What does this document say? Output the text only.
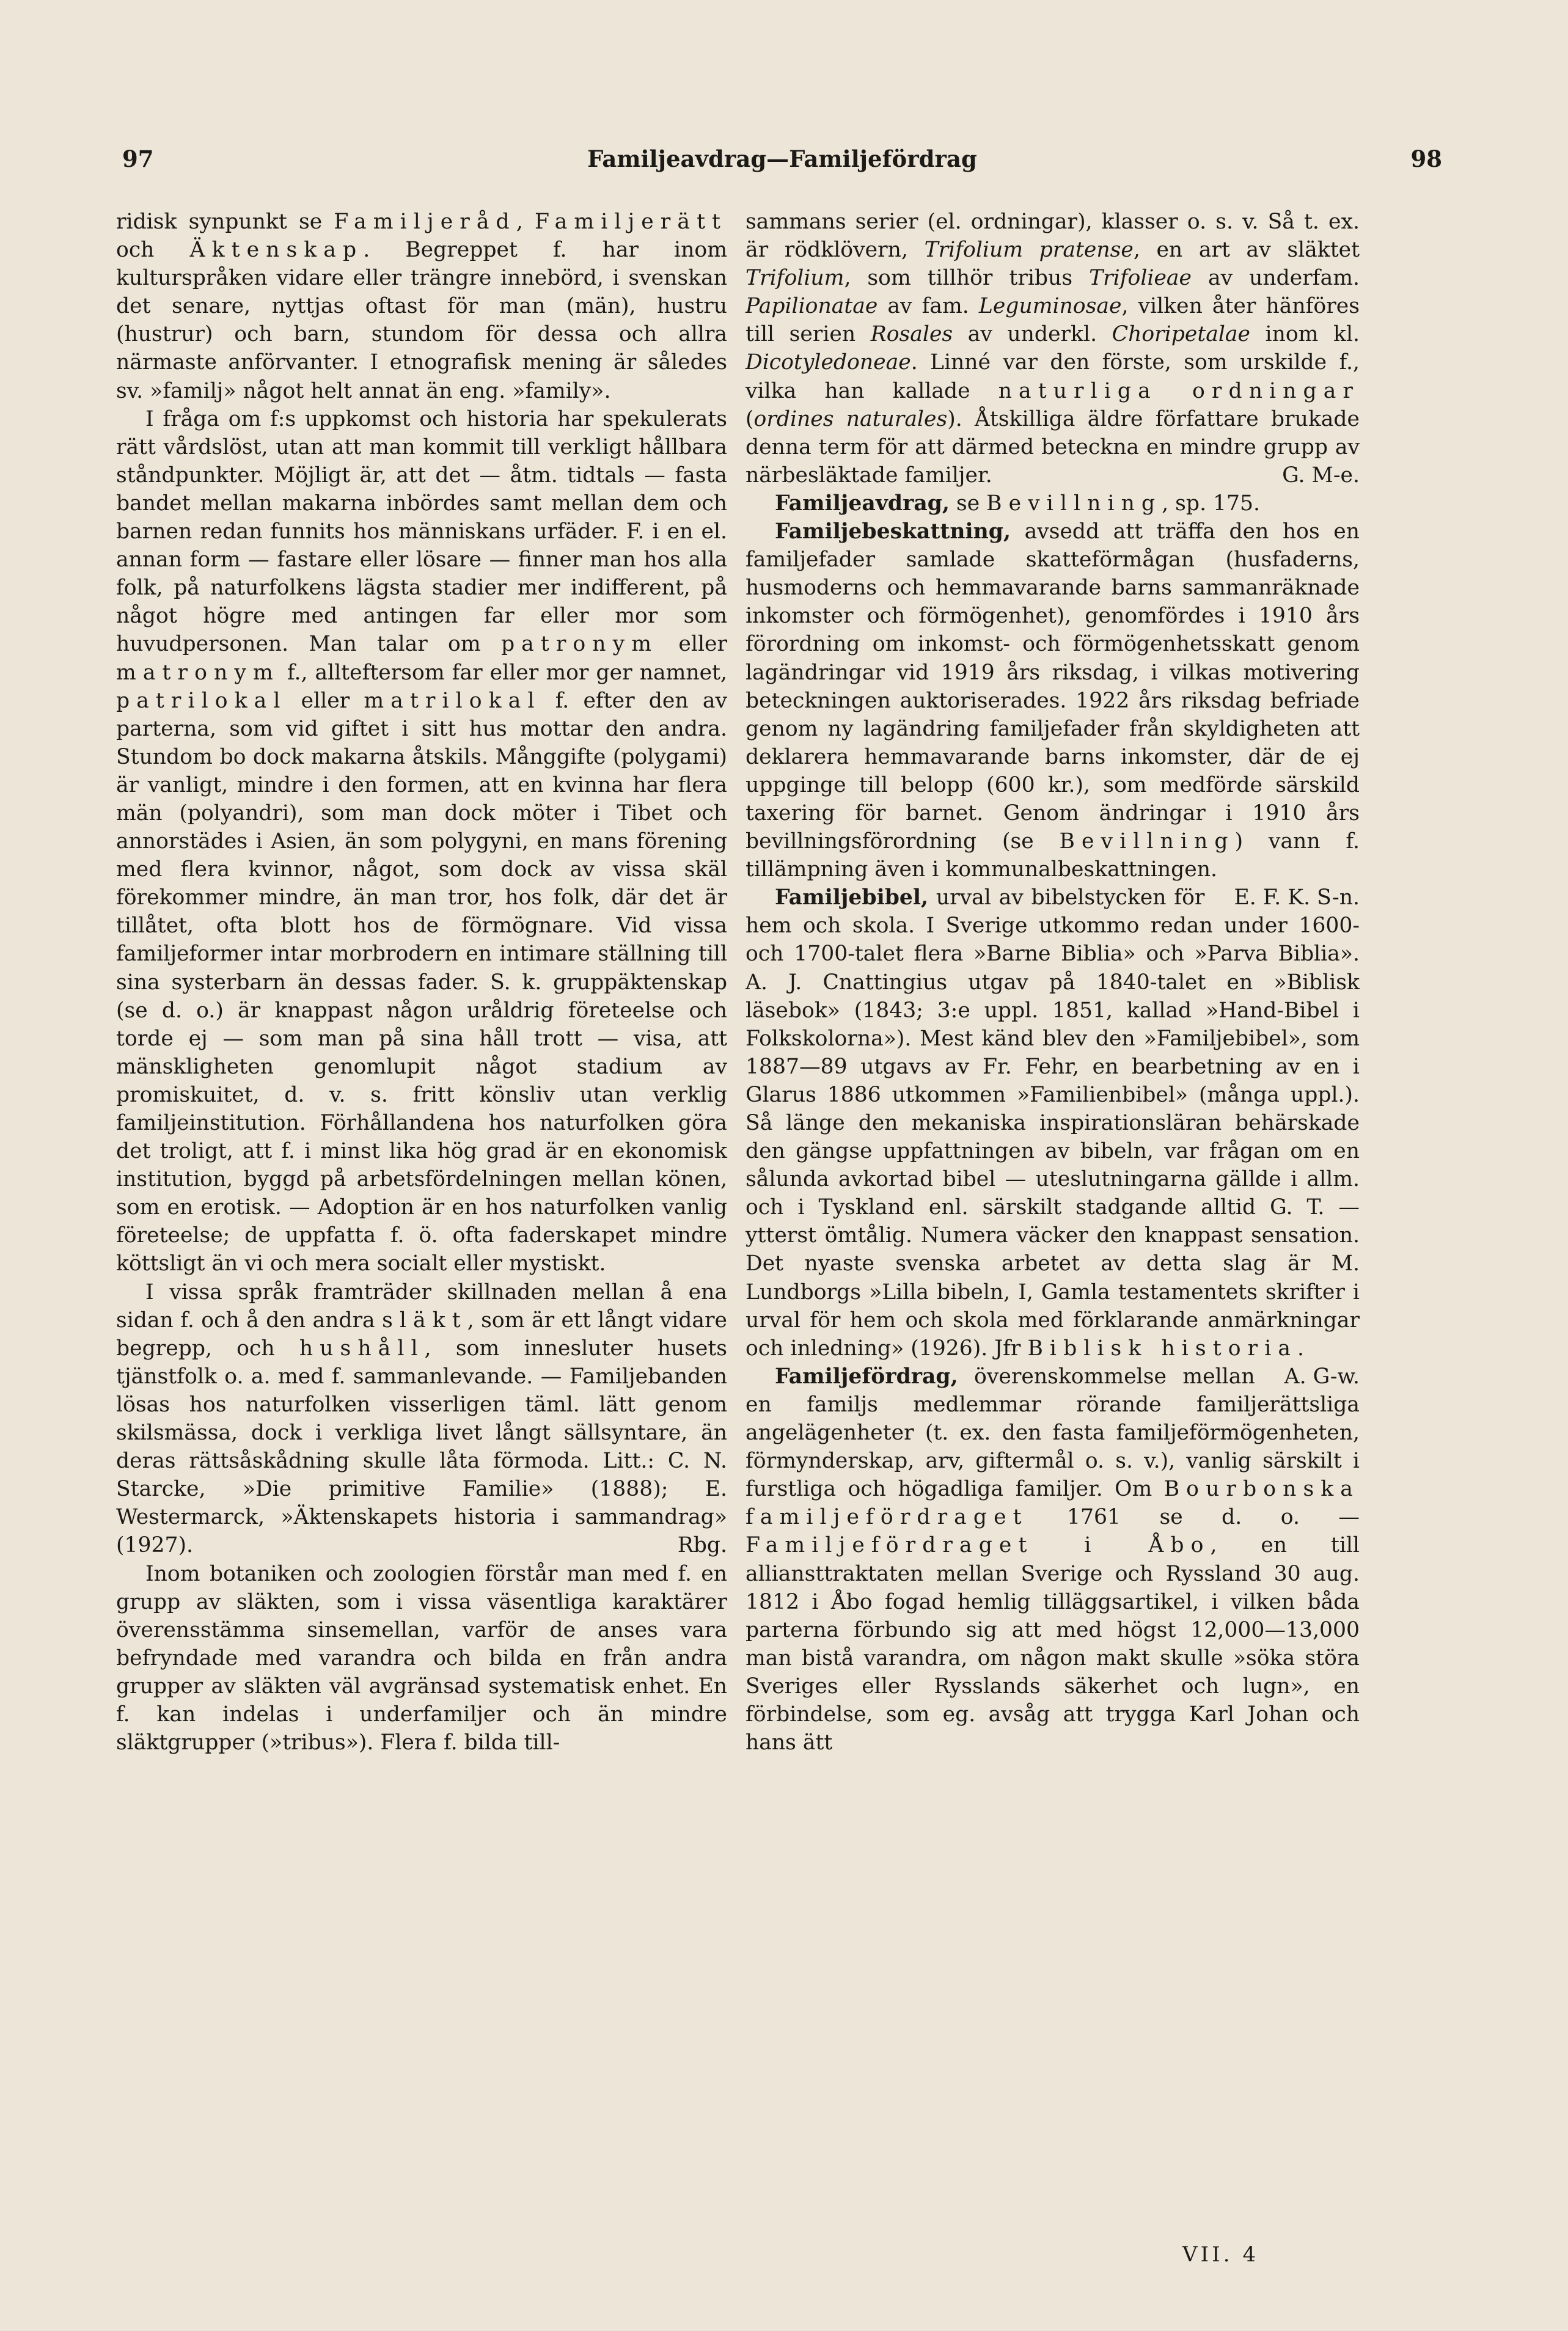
97	Familjeavdrag—Familjefördrag	98

ridisk synpunkt se Familjeråd, Familjerätt och Äktenskap. Begreppet f. har inom kulturspråken vidare eller trängre innebörd, i svenskan det senare, nyttjas oftast för man (män), hustru (hustrur) och barn, stundom för dessa och allra närmaste anförvanter. I etnografisk mening är således sv. »familj» något helt annat än eng. »family».

I fråga om f:s uppkomst och historia har spekulerats rätt vårdslöst, utan att man kommit till verkligt hållbara ståndpunkter. Möjligt är, att det — åtm. tidtals — fasta bandet mellan makarna inbördes samt mellan dem och barnen redan funnits hos människans urfäder. F. i en el. annan form — fastare eller lösare — finner man hos alla folk, på naturfolkens lägsta stadier mer indifferent, på något högre med antingen far eller mor som huvudpersonen. Man talar om patronym eller matronym f., allteftersom far eller mor ger namnet, patrilokal eller matrilokal f. efter den av parterna, som vid giftet i sitt hus mottar den andra. Stundom bo dock makarna åtskils. Månggifte (polygami) är vanligt, mindre i den formen, att en kvinna har flera män (polyandri), som man dock möter i Tibet och annorstädes i Asien, än som polygyni, en mans förening med flera kvinnor, något, som dock av vissa skäl förekommer mindre, än man tror, hos folk, där det är tillåtet, ofta blott hos de förmögnare. Vid vissa familjeformer intar morbrodern en intimare ställning till sina systerbarn än dessas fader. S. k. gruppäktenskap (se d. o.) är knappast någon uråldrig företeelse och torde ej — som man på sina håll trott — visa, att mänskligheten genomlupit något stadium av promiskuitet, d. v. s. fritt könsliv utan verklig familjeinstitution. Förhållandena hos naturfolken göra det troligt, att f. i minst lika hög grad är en ekonomisk institution, byggd på arbetsfördelningen mellan könen, som en erotisk. — Adoption är en hos naturfolken vanlig företeelse; de uppfatta f. ö. ofta faderskapet mindre köttsligt än vi och mera socialt eller mystiskt.

I vissa språk framträder skillnaden mellan å ena sidan f. och å den andra släkt, som är ett långt vidare begrepp, och hushåll, som innesluter husets tjänstfolk o. a. med f. sammanlevande. — Familjebanden lösas hos naturfolken visserligen täml. lätt genom skilsmässa, dock i verkliga livet långt sällsyntare, än deras rättsåskådning skulle låta förmoda. Litt.: C. N. Starcke, »Die primitive Familie» (1888); E. Westermarck, »Äktenskapets historia i sammandrag» (1927).	Rbg.

Inom botaniken och zoologien förstår man med f. en grupp av släkten, som i vissa väsentliga karaktärer överensstämma sinsemellan, varför de anses vara befryndade med varandra och bilda en från andra grupper av släkten väl avgränsad systematisk enhet. En f. kan indelas i underfamiljer och än mindre släktgrupper (»tribus»). Flera f. bilda till-

sammans serier (el. ordningar), klasser o. s. v. Så t. ex. är rödklövern, Trifolium pratense, en art av släktet Trifolium, som tillhör tribus Trifolieae av underfam. Papilionatae av fam. Leguminosae, vilken åter hänföres till serien Rosales av underkl. Choripetalae inom kl. Dicotyledoneae. Linné var den förste, som urskilde f., vilka han kallade naturliga ordningar (ordines naturales). Åtskilliga äldre författare brukade denna term för att därmed beteckna en mindre grupp av närbesläktade familjer.	G. M-e.

Familjeavdrag, se Bevillning, sp. 175.

Familjebeskattning, avsedd att träffa den hos en familjefader samlade skatteförmågan (husfaderns, husmoderns och hemmavarande barns sammanräknade inkomster och förmögenhet), genomfördes i 1910 års förordning om inkomst- och förmögenhetsskatt genom lagändringar vid 1919 års riksdag, i vilkas motivering beteckningen auktoriserades. 1922 års riksdag befriade genom ny lagändring familjefader från skyldigheten att deklarera hemmavarande barns inkomster, där de ej uppginge till belopp (600 kr.), som medförde särskild taxering för barnet. Genom ändringar i 1910 års bevillningsförordning (se Bevillning) vann f. tillämpning även i kommunalbeskattningen.
E. F. K. S-n.

Familjebibel, urval av bibelstycken för hem och skola. I Sverige utkommo redan under 1600- och 1700-talet flera »Barne Biblia» och »Parva Biblia». A. J. Cnattingius utgav på 1840-talet en »Biblisk läsebok» (1843; 3:e uppl. 1851, kallad »Hand-Bibel i Folkskolorna»). Mest känd blev den »Familjebibel», som 1887—89 utgavs av Fr. Fehr, en bearbetning av en i Glarus 1886 utkommen »Familienbibel» (många uppl.). Så länge den mekaniska inspirationsläran behärskade den gängse uppfattningen av bibeln, var frågan om en sålunda avkortad bibel — uteslutningarna gällde i allm. och i Tyskland enl. särskilt stadgande alltid G. T. — ytterst ömtålig. Numera väcker den knappast sensation. Det nyaste svenska arbetet av detta slag är M. Lundborgs »Lilla bibeln, I, Gamla testamentets skrifter i urval för hem och skola med förklarande anmärkningar och inledning» (1926). Jfr Biblisk historia.
A. G-w.

Familjefördrag, överenskommelse mellan en familjs medlemmar rörande familjerättsliga angelägenheter (t. ex. den fasta familjeförmögenheten, förmynderskap, arv, giftermål o. s. v.), vanlig särskilt i furstliga och högadliga familjer. Om Bourbonska familjefördraget 1761 se d. o. — Familjefördraget i Åbo, en till alliansttraktaten mellan Sverige och Ryssland 30 aug. 1812 i Åbo fogad hemlig tilläggsartikel, i vilken båda parterna förbundo sig att med högst 12,000—13,000 man bistå varandra, om någon makt skulle »söka störa Sveriges eller Rysslands säkerhet och lugn», en förbindelse, som eg. avsåg att trygga Karl Johan och hans ätt

VII. 4
